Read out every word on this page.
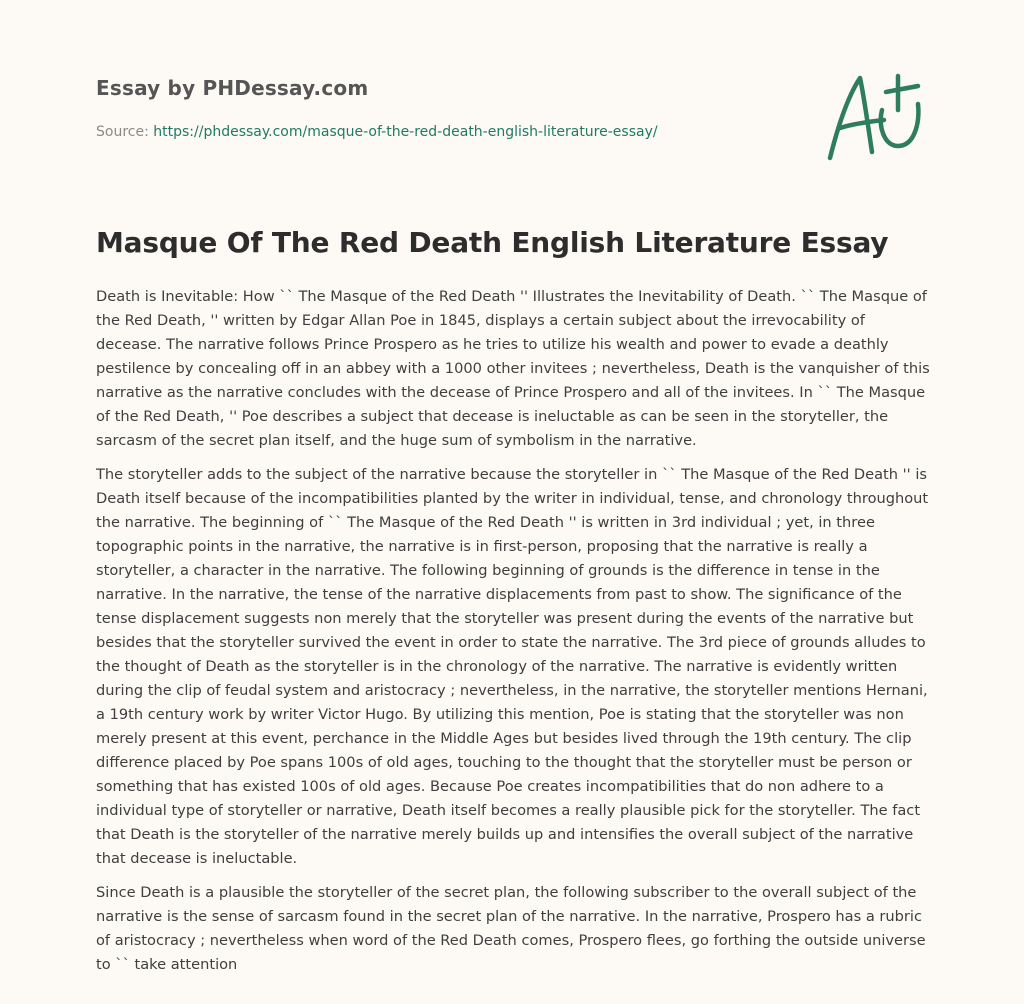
Essay by PHDessay.com
Source: https://phdessay.com/masque-of-the-red-death-english-literature-essay/
Masque Of The Red Death English Literature Essay

Death is Inevitable: How `` The Masque of the Red Death '' Illustrates the Inevitability of Death. `` The Masque of the Red Death, '' written by Edgar Allan Poe in 1845, displays a certain subject about the irrevocability of decease. The narrative follows Prince Prospero as he tries to utilize his wealth and power to evade a deathly pestilence by concealing off in an abbey with a 1000 other invitees ; nevertheless, Death is the vanquisher of this narrative as the narrative concludes with the decease of Prince Prospero and all of the invitees. In `` The Masque of the Red Death, '' Poe describes a subject that decease is ineluctable as can be seen in the storyteller, the sarcasm of the secret plan itself, and the huge sum of symbolism in the narrative.

The storyteller adds to the subject of the narrative because the storyteller in `` The Masque of the Red Death '' is Death itself because of the incompatibilities planted by the writer in individual, tense, and chronology throughout the narrative. The beginning of `` The Masque of the Red Death '' is written in 3rd individual ; yet, in three topographic points in the narrative, the narrative is in first-person, proposing that the narrative is really a storyteller, a character in the narrative. The following beginning of grounds is the difference in tense in the narrative. In the narrative, the tense of the narrative displacements from past to show. The significance of the tense displacement suggests non merely that the storyteller was present during the events of the narrative but besides that the storyteller survived the event in order to state the narrative. The 3rd piece of grounds alludes to the thought of Death as the storyteller is in the chronology of the narrative. The narrative is evidently written during the clip of feudal system and aristocracy ; nevertheless, in the narrative, the storyteller mentions Hernani, a 19th century work by writer Victor Hugo. By utilizing this mention, Poe is stating that the storyteller was non merely present at this event, perchance in the Middle Ages but besides lived through the 19th century. The clip difference placed by Poe spans 100s of old ages, touching to the thought that the storyteller must be person or something that has existed 100s of old ages. Because Poe creates incompatibilities that do non adhere to a individual type of storyteller or narrative, Death itself becomes a really plausible pick for the storyteller. The fact that Death is the storyteller of the narrative merely builds up and intensifies the overall subject of the narrative that decease is ineluctable.

Since Death is a plausible the storyteller of the secret plan, the following subscriber to the overall subject of the narrative is the sense of sarcasm found in the secret plan of the narrative. In the narrative, Prospero has a rubric of aristocracy ; nevertheless when word of the Red Death comes, Prospero flees, go forthing the outside universe to `` take attention
